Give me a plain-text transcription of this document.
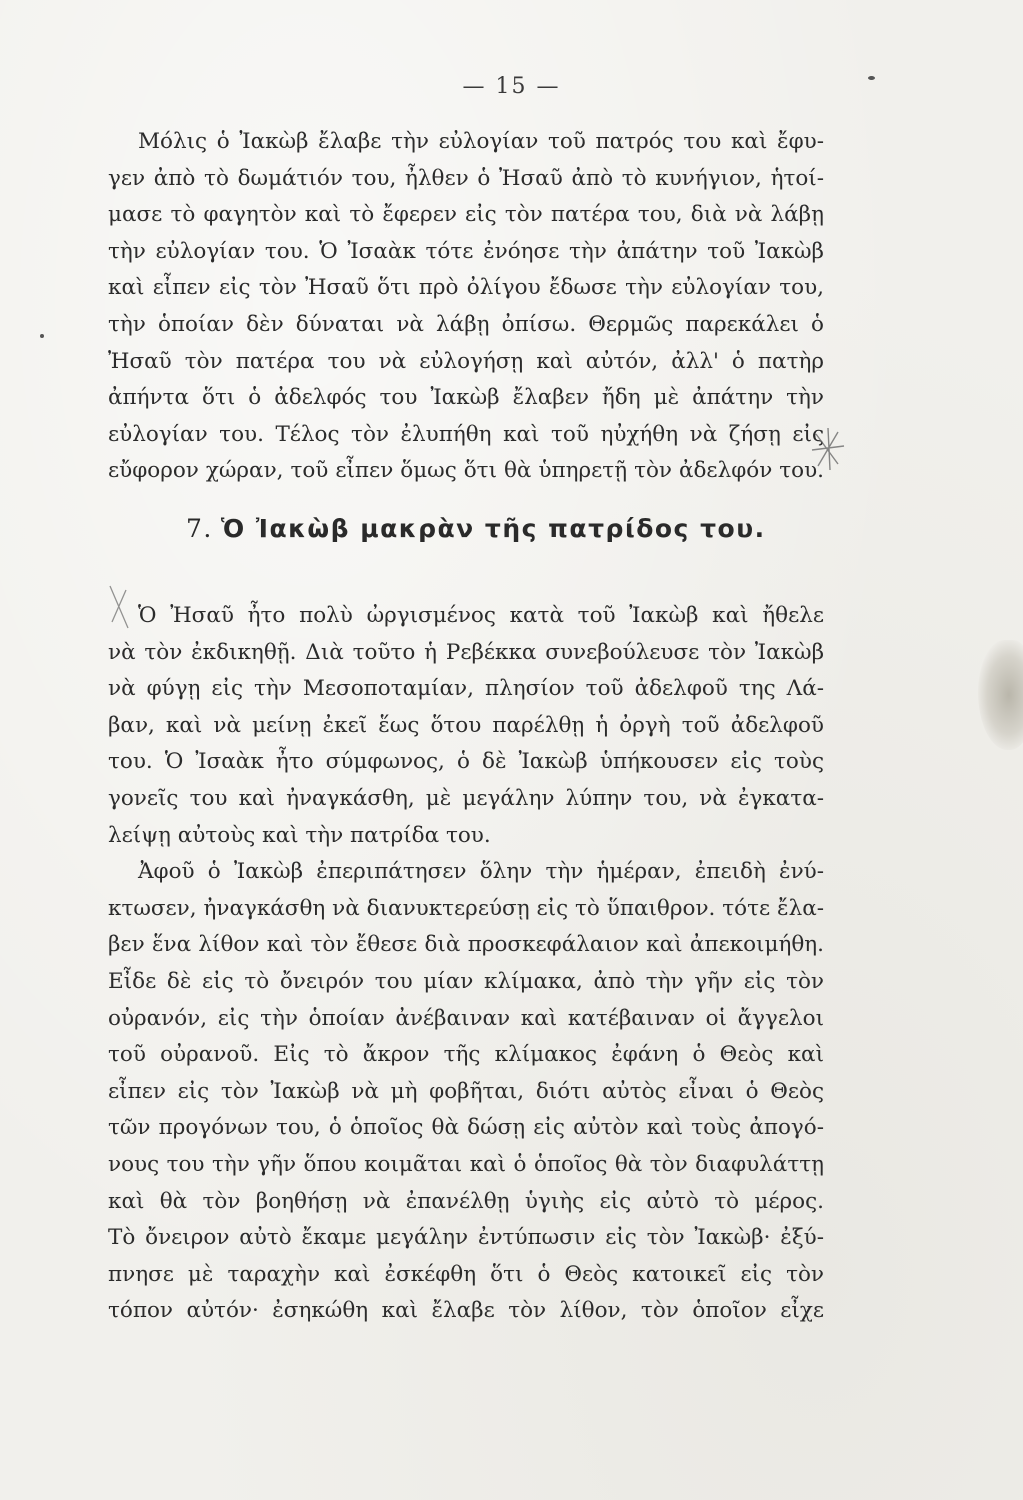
— 15 —
Μόλις ὁ Ἰακὼβ ἔλαβε τὴν εὐλογίαν τοῦ πατρός του καὶ ἔφυ-
γεν ἀπὸ τὸ δωμάτιόν του, ἦλθεν ὁ Ἠσαῦ ἀπὸ τὸ κυνήγιον, ἡτοί-
μασε τὸ φαγητὸν καὶ τὸ ἔφερεν εἰς τὸν πατέρα του, διὰ νὰ λάβῃ
τὴν εὐλογίαν του. Ὁ Ἰσαὰκ τότε ἐνόησε τὴν ἀπάτην τοῦ Ἰακὼβ
καὶ εἶπεν εἰς τὸν Ἠσαῦ ὅτι πρὸ ὀλίγου ἔδωσε τὴν εὐλογίαν του,
τὴν ὁποίαν δὲν δύναται νὰ λάβῃ ὀπίσω. Θερμῶς παρεκάλει ὁ
Ἠσαῦ τὸν πατέρα του νὰ εὐλογήσῃ καὶ αὐτόν, ἀλλ' ὁ πατὴρ
ἀπήντα ὅτι ὁ ἀδελφός του Ἰακὼβ ἔλαβεν ἤδη μὲ ἀπάτην τὴν
εὐλογίαν του. Τέλος τὸν ἐλυπήθη καὶ τοῦ ηὐχήθη νὰ ζήσῃ εἰς
εὔφορον χώραν, τοῦ εἶπεν ὅμως ὅτι θὰ ὑπηρετῇ τὸν ἀδελφόν του.
7. Ὁ Ἰακὼβ μακρὰν τῆς πατρίδος του.
Ὁ Ἠσαῦ ἦτο πολὺ ὠργισμένος κατὰ τοῦ Ἰακὼβ καὶ ἤθελε
νὰ τὸν ἐκδικηθῇ. Διὰ τοῦτο ἡ Ρεβέκκα συνεβούλευσε τὸν Ἰακὼβ
νὰ φύγῃ εἰς τὴν Μεσοποταμίαν, πλησίον τοῦ ἀδελφοῦ της Λά-
βαν, καὶ νὰ μείνῃ ἐκεῖ ἕως ὅτου παρέλθῃ ἡ ὀργὴ τοῦ ἀδελφοῦ
του. Ὁ Ἰσαὰκ ἦτο σύμφωνος, ὁ δὲ Ἰακὼβ ὑπήκουσεν εἰς τοὺς
γονεῖς του καὶ ἠναγκάσθη, μὲ μεγάλην λύπην του, νὰ ἐγκατα-
λείψῃ αὐτοὺς καὶ τὴν πατρίδα του.
Ἀφοῦ ὁ Ἰακὼβ ἐπεριπάτησεν ὅλην τὴν ἡμέραν, ἐπειδὴ ἐνύ-
κτωσεν, ἠναγκάσθη νὰ διανυκτερεύσῃ εἰς τὸ ὕπαιθρον. τότε ἔλα-
βεν ἕνα λίθον καὶ τὸν ἔθεσε διὰ προσκεφάλαιον καὶ ἀπεκοιμήθη.
Εἶδε δὲ εἰς τὸ ὄνειρόν του μίαν κλίμακα, ἀπὸ τὴν γῆν εἰς τὸν
οὐρανόν, εἰς τὴν ὁποίαν ἀνέβαιναν καὶ κατέβαιναν οἱ ἄγγελοι
τοῦ οὐρανοῦ. Εἰς τὸ ἄκρον τῆς κλίμακος ἐφάνη ὁ Θεὸς καὶ
εἶπεν εἰς τὸν Ἰακὼβ νὰ μὴ φοβῆται, διότι αὐτὸς εἶναι ὁ Θεὸς
τῶν προγόνων του, ὁ ὁποῖος θὰ δώσῃ εἰς αὐτὸν καὶ τοὺς ἀπογό-
νους του τὴν γῆν ὅπου κοιμᾶται καὶ ὁ ὁποῖος θὰ τὸν διαφυλάττῃ
καὶ θὰ τὸν βοηθήσῃ νὰ ἐπανέλθῃ ὑγιὴς εἰς αὐτὸ τὸ μέρος.
Τὸ ὄνειρον αὐτὸ ἔκαμε μεγάλην ἐντύπωσιν εἰς τὸν Ἰακὼβ· ἐξύ-
πνησε μὲ ταραχὴν καὶ ἐσκέφθη ὅτι ὁ Θεὸς κατοικεῖ εἰς τὸν
τόπον αὐτόν· ἐσηκώθη καὶ ἔλαβε τὸν λίθον, τὸν ὁποῖον εἶχε
